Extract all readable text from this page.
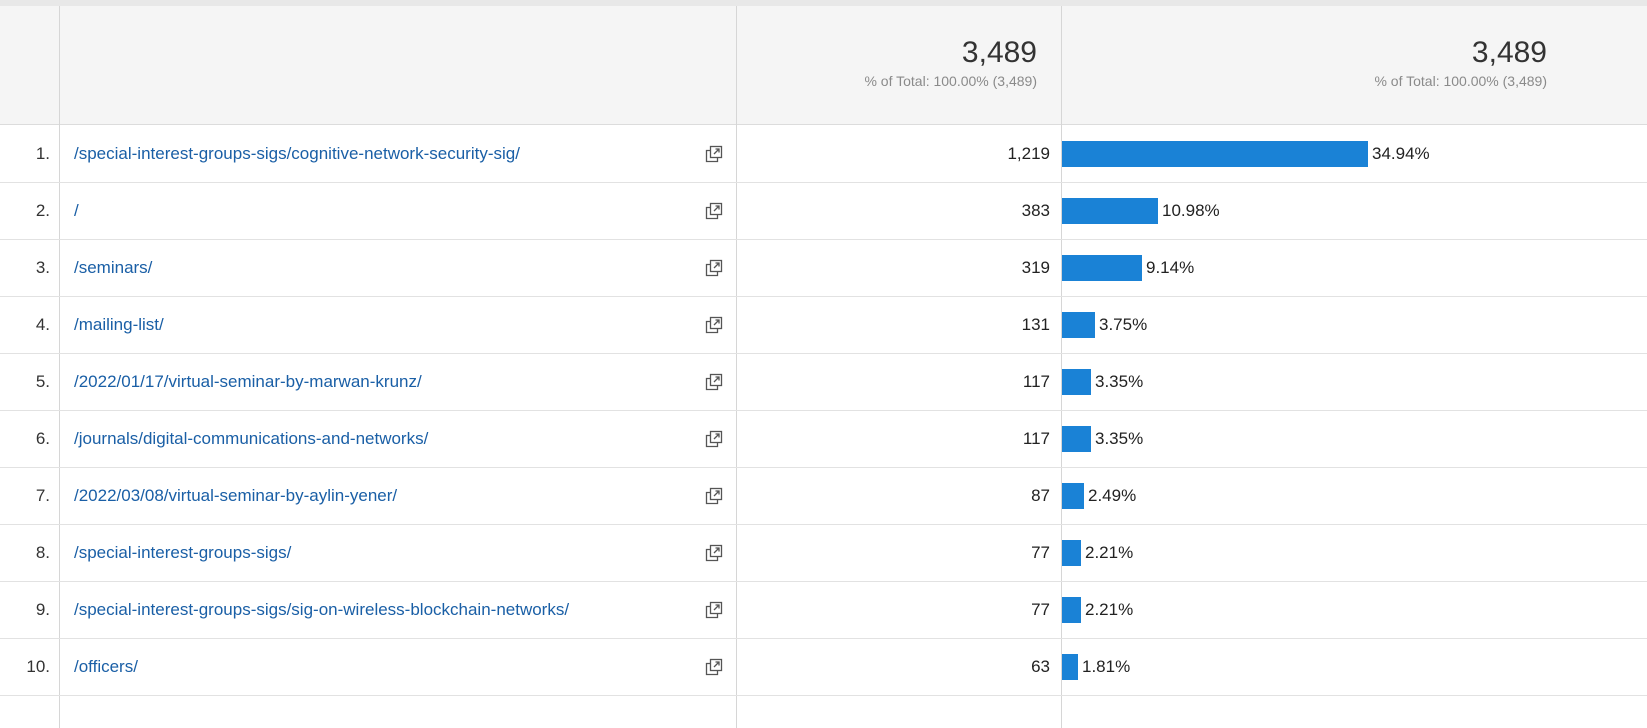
3,489
% of Total: 100.00% (3,489)
3,489
% of Total: 100.00% (3,489)
1. /special-interest-groups-sigs/cognitive-network-security-sig/	1,219	34.94%
2. /	383	10.98%
3. /seminars/	319	9.14%
4. /mailing-list/	131	3.75%
5. /2022/01/17/virtual-seminar-by-marwan-krunz/	117	3.35%
6. /journals/digital-communications-and-networks/	117	3.35%
7. /2022/03/08/virtual-seminar-by-aylin-yener/	87 2.49%
8. /special-interest-groups-sigs/	77 2.21%
9. /special-interest-groups-sigs/sig-on-wireless-blockchain-networks/	77 2.21%
10. /officers/	63 1.81%
